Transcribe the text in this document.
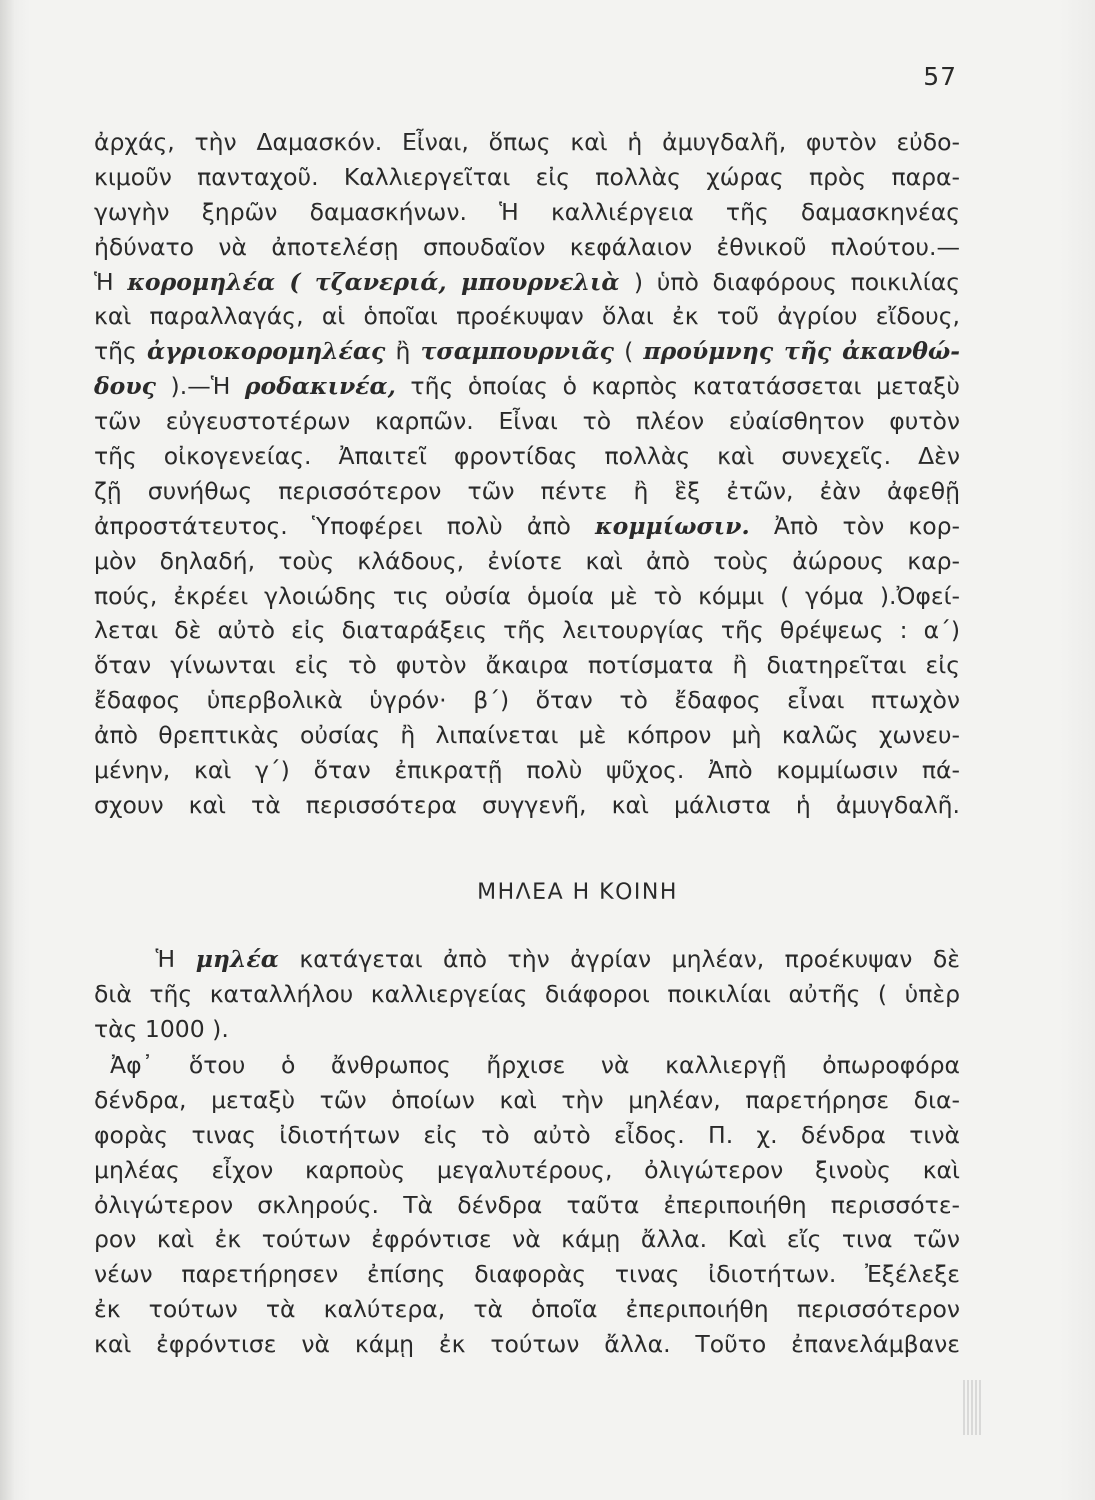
57
ἀρχάς, τὴν Δαμασκόν. Εἶναι, ὅπως καὶ ἡ ἀμυγδαλῆ, φυτὸν εὐδο-
κιμοῦν πανταχοῦ. Καλλιεργεῖται εἰς πολλὰς χώρας πρὸς παρα-
γωγὴν ξηρῶν δαμασκήνων. Ἡ καλλιέργεια τῆς δαμασκηνέας
ἠδύνατο νὰ ἀποτελέσῃ σπουδαῖον κεφάλαιον ἐθνικοῦ πλούτου.—
Ἡ κορομηλέα ( τζανεριά, μπουρνελιὰ ) ὑπὸ διαφόρους ποικιλίας
καὶ παραλλαγάς, αἱ ὁποῖαι προέκυψαν ὅλαι ἐκ τοῦ ἀγρίου εἴδους,
τῆς ἀγριοκορομηλέας ἢ τσαμπουρνιᾶς ( προύμνης τῆς ἀκανθώ-
δους ).—Ἡ ροδακινέα, τῆς ὁποίας ὁ καρπὸς κατατάσσεται μεταξὺ
τῶν εὐγευστοτέρων καρπῶν. Εἶναι τὸ πλέον εὐαίσθητον φυτὸν
τῆς οἰκογενείας. Ἀπαιτεῖ φροντίδας πολλὰς καὶ συνεχεῖς. Δὲν
ζῇ συνήθως περισσότερον τῶν πέντε ἢ ἓξ ἐτῶν, ἐὰν ἀφεθῇ
ἀπροστάτευτος. Ὑποφέρει πολὺ ἀπὸ κομμίωσιν. Ἀπὸ τὸν κορ-
μὸν δηλαδή, τοὺς κλάδους, ἐνίοτε καὶ ἀπὸ τοὺς ἀώρους καρ-
πούς, ἐκρέει γλοιώδης τις οὐσία ὁμοία μὲ τὸ κόμμι ( γόμα ).Ὀφεί-
λεται δὲ αὐτὸ εἰς διαταράξεις τῆς λειτουργίας τῆς θρέψεως : α΄)
ὅταν γίνωνται εἰς τὸ φυτὸν ἄκαιρα ποτίσματα ἢ διατηρεῖται εἰς
ἔδαφος ὑπερβολικὰ ὑγρόν· β΄) ὅταν τὸ ἔδαφος εἶναι πτωχὸν
ἀπὸ θρεπτικὰς οὐσίας ἢ λιπαίνεται μὲ κόπρον μὴ καλῶς χωνευ-
μένην, καὶ γ΄) ὅταν ἐπικρατῇ πολὺ ψῦχος. Ἀπὸ κομμίωσιν πά-
σχουν καὶ τὰ περισσότερα συγγενῆ, καὶ μάλιστα ἡ ἀμυγδαλῆ.
ΜΗΛΕΑ Η ΚΟΙΝΗ
Ἡ μηλέα κατάγεται ἀπὸ τὴν ἀγρίαν μηλέαν, προέκυψαν δὲ
διὰ τῆς καταλλήλου καλλιεργείας διάφοροι ποικιλίαι αὐτῆς ( ὑπὲρ
τὰς 1000 ).
Ἀφ᾿ ὅτου ὁ ἄνθρωπος ἤρχισε νὰ καλλιεργῇ ὀπωροφόρα
δένδρα, μεταξὺ τῶν ὁποίων καὶ τὴν μηλέαν, παρετήρησε δια-
φορὰς τινας ἰδιοτήτων εἰς τὸ αὐτὸ εἶδος. Π. χ. δένδρα τινὰ
μηλέας εἶχον καρποὺς μεγαλυτέρους, ὀλιγώτερον ξινοὺς καὶ
ὀλιγώτερον σκληρούς. Τὰ δένδρα ταῦτα ἐπεριποιήθη περισσότε-
ρον καὶ ἐκ τούτων ἐφρόντισε νὰ κάμῃ ἄλλα. Καὶ εἴς τινα τῶν
νέων παρετήρησεν ἐπίσης διαφορὰς τινας ἰδιοτήτων. Ἐξέλεξε
ἐκ τούτων τὰ καλύτερα, τὰ ὁποῖα ἐπεριποιήθη περισσότερον
καὶ ἐφρόντισε νὰ κάμῃ ἐκ τούτων ἄλλα. Τοῦτο ἐπανελάμβανε
